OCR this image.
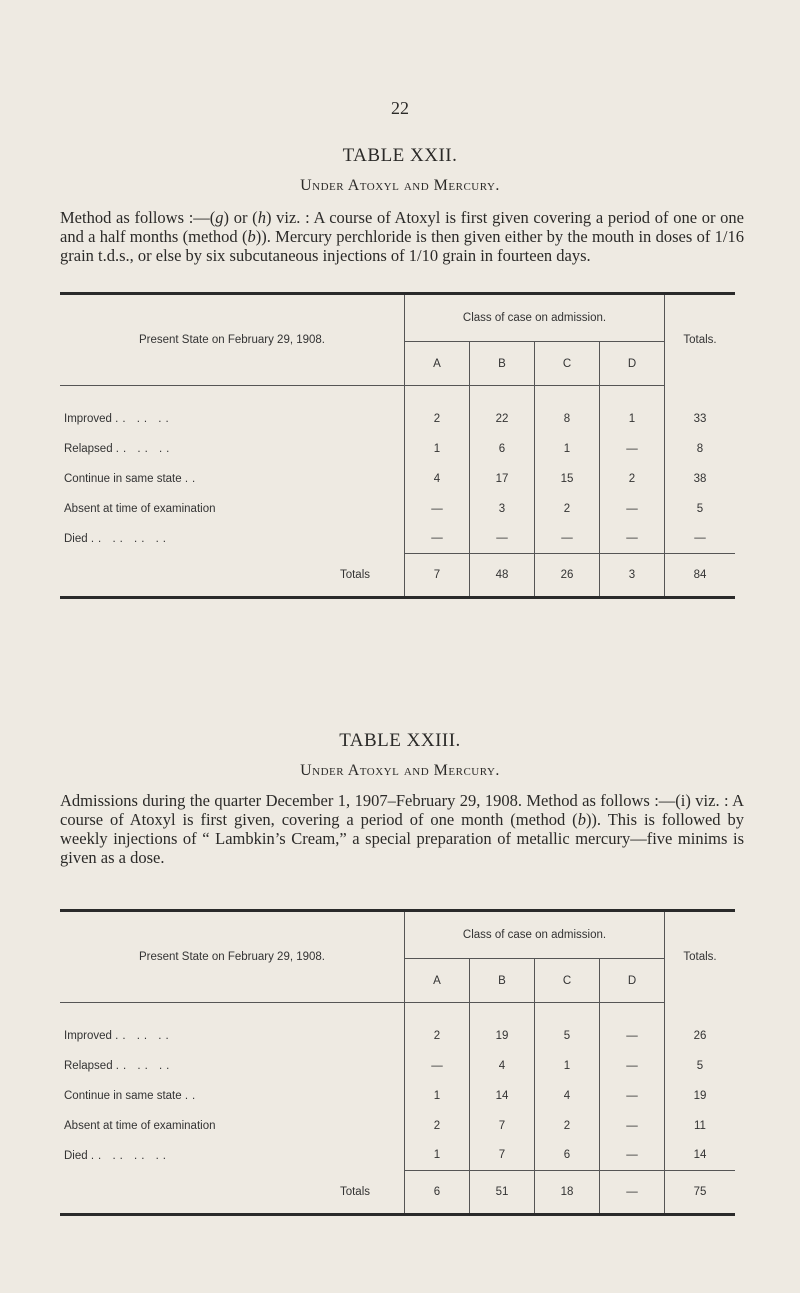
22
TABLE XXII.
Under Atoxyl and Mercury.
Method as follows :—(g) or (h) viz. : A course of Atoxyl is first given covering a period of one or one and a half months (method (b)). Mercury perchloride is then given either by the mouth in doses of 1/16 grain t.d.s., or else by six subcutaneous injections of 1/10 grain in fourteen days.
Present State on February 29, 1908.	Class of case on admission.				Totals.
	A	B	C	D	

Improved .. .. ..	2	22	8	1	33
Relapsed .. .. ..	1	6	1	—	8
Continue in same state ..	4	17	15	2	38
Absent at time of examination	—	3	2	—	5
Died .. .. .. ..	—	—	—	—	—
Totals	7	48	26	3	84
TABLE XXIII.
Under Atoxyl and Mercury.
Admissions during the quarter December 1, 1907–February 29, 1908. Method as follows :—(i) viz. : A course of Atoxyl is first given, covering a period of one month (method (b)). This is followed by weekly injections of “ Lambkin’s Cream,” a special preparation of metallic mercury—five minims is given as a dose.
Present State on February 29, 1908.	Class of case on admission.				Totals.
	A	B	C	D	

Improved .. .. ..	2	19	5	—	26
Relapsed .. .. ..	—	4	1	—	5
Continue in same state ..	1	14	4	—	19
Absent at time of examination	2	7	2	—	11
Died .. .. .. ..	1	7	6	—	14
Totals	6	51	18	—	75
